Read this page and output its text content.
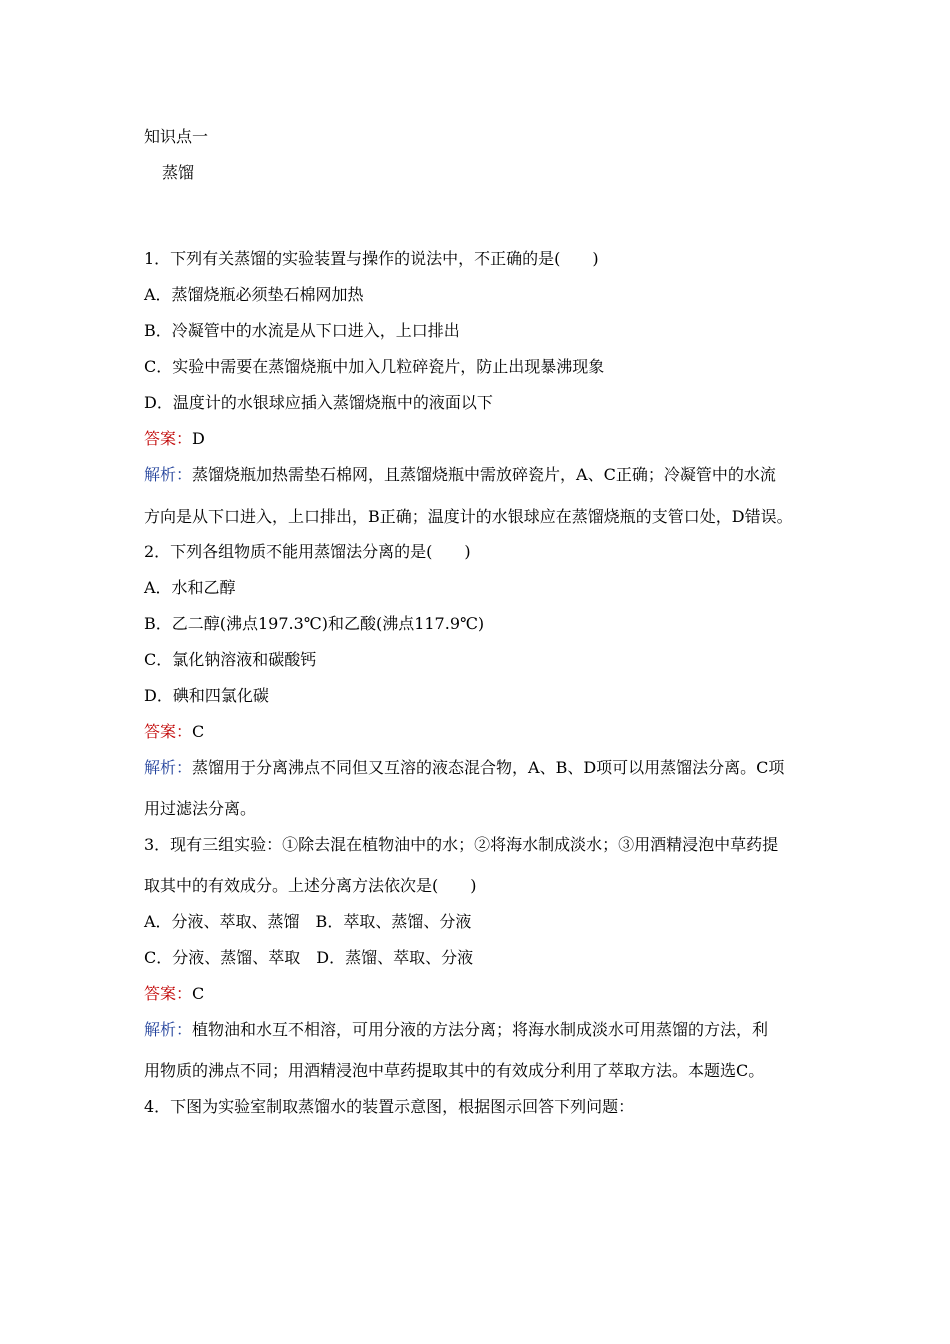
知识点一
蒸馏
1．下列有关蒸馏的实验装置与操作的说法中，不正确的是(　　)
A．蒸馏烧瓶必须垫石棉网加热
B．冷凝管中的水流是从下口进入，上口排出
C．实验中需要在蒸馏烧瓶中加入几粒碎瓷片，防止出现暴沸现象
D．温度计的水银球应插入蒸馏烧瓶中的液面以下
答案：D
解析：蒸馏烧瓶加热需垫石棉网，且蒸馏烧瓶中需放碎瓷片，A、C正确；冷凝管中的水流
方向是从下口进入，上口排出，B正确；温度计的水银球应在蒸馏烧瓶的支管口处，D错误。
2．下列各组物质不能用蒸馏法分离的是(　　)
A．水和乙醇
B．乙二醇(沸点197.3℃)和乙酸(沸点117.9℃)
C．氯化钠溶液和碳酸钙
D．碘和四氯化碳
答案：C
解析：蒸馏用于分离沸点不同但又互溶的液态混合物，A、B、D项可以用蒸馏法分离。C项
用过滤法分离。
3．现有三组实验：①除去混在植物油中的水；②将海水制成淡水；③用酒精浸泡中草药提
取其中的有效成分。上述分离方法依次是(　　)
A．分液、萃取、蒸馏　B．萃取、蒸馏、分液
C．分液、蒸馏、萃取　D．蒸馏、萃取、分液
答案：C
解析：植物油和水互不相溶，可用分液的方法分离；将海水制成淡水可用蒸馏的方法，利
用物质的沸点不同；用酒精浸泡中草药提取其中的有效成分利用了萃取方法。本题选C。
4．下图为实验室制取蒸馏水的装置示意图，根据图示回答下列问题：
